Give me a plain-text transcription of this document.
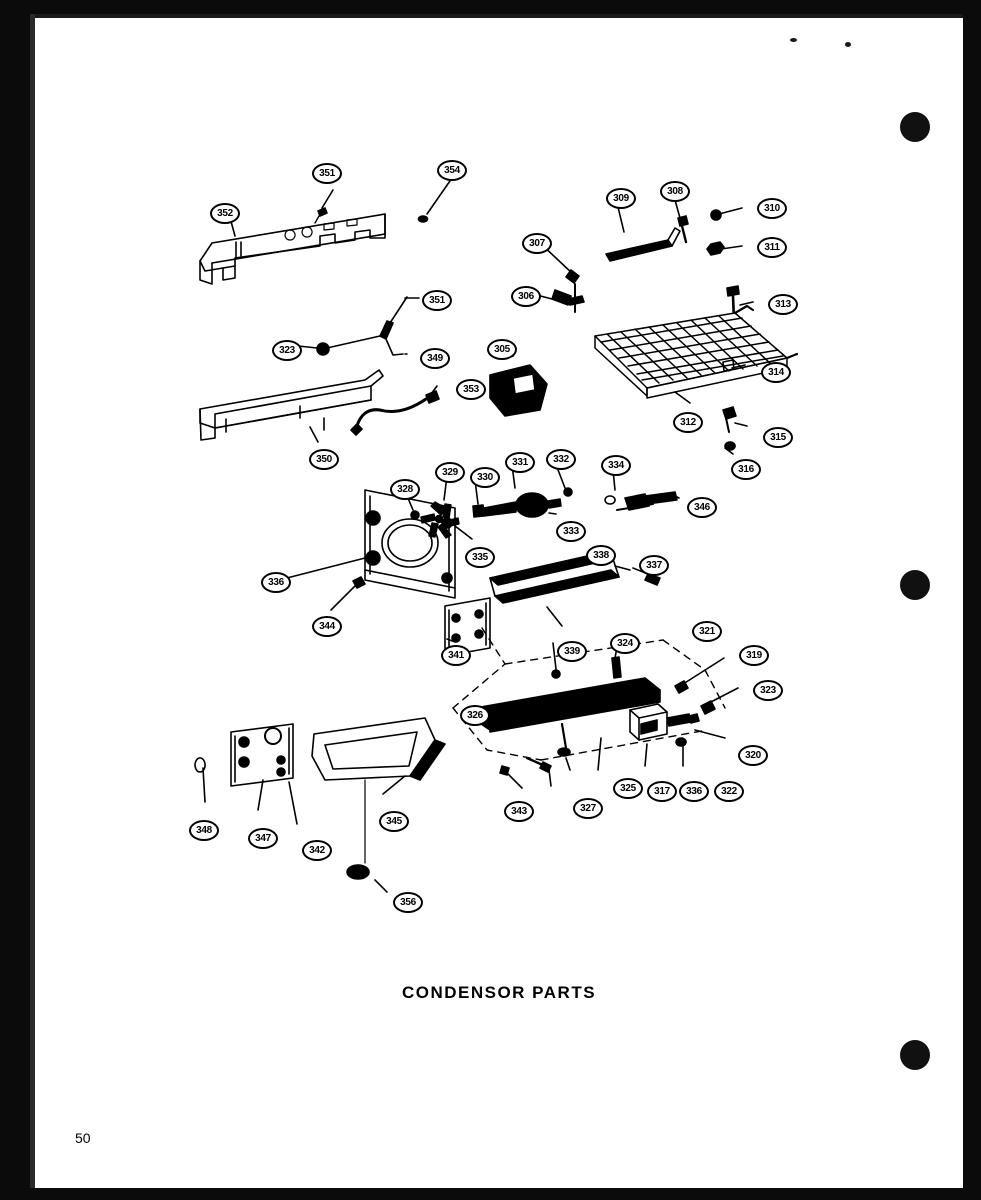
352
351	354
309
308
310
311
307
313
306
351
305
323
349
314
312
315
316
353
350
328
329	330
331	332
334
346
333
335	338
337
336
344
341	339
324
321
319
323
326
320
325	317	336	322
327
343
345
342
347
348
356
CONDENSOR PARTS
50
